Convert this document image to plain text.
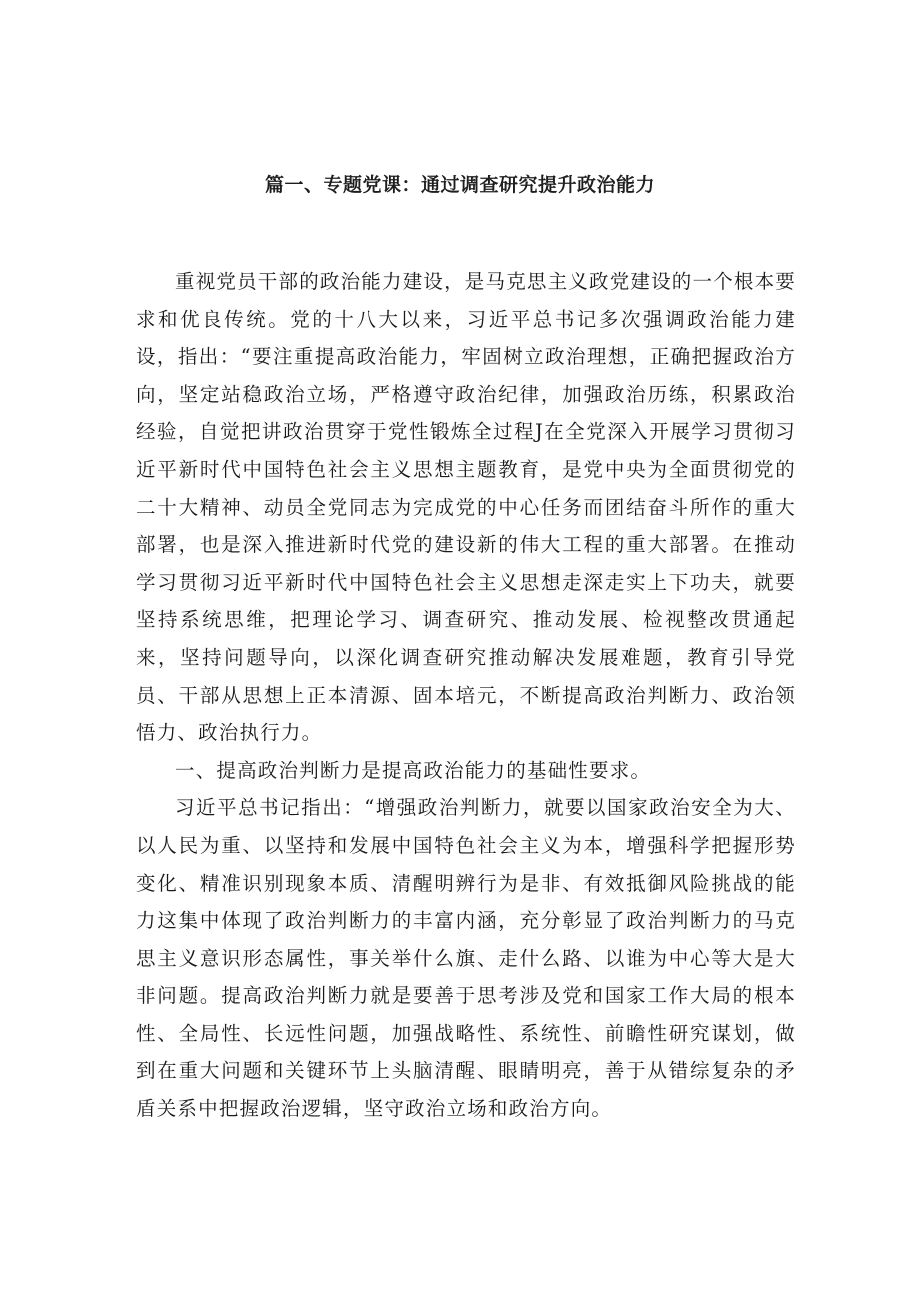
篇一、专题党课：通过调查研究提升政治能力

重视党员干部的政治能力建设，是马克思主义政党建设的一个根本要求和优良传统。党的十八大以来，习近平总书记多次强调政治能力建设，指出：“要注重提高政治能力，牢固树立政治理想，正确把握政治方向，坚定站稳政治立场，严格遵守政治纪律，加强政治历练，积累政治经验，自觉把讲政治贯穿于党性锻炼全过程J在全党深入开展学习贯彻习近平新时代中国特色社会主义思想主题教育，是党中央为全面贯彻党的二十大精神、动员全党同志为完成党的中心任务而团结奋斗所作的重大部署，也是深入推进新时代党的建设新的伟大工程的重大部署。在推动学习贯彻习近平新时代中国特色社会主义思想走深走实上下功夫，就要坚持系统思维，把理论学习、调查研究、推动发展、检视整改贯通起来，坚持问题导向，以深化调查研究推动解决发展难题，教育引导党员、干部从思想上正本清源、固本培元，不断提高政治判断力、政治领悟力、政治执行力。

一、提高政治判断力是提高政治能力的基础性要求。

习近平总书记指出：“增强政治判断力，就要以国家政治安全为大、以人民为重、以坚持和发展中国特色社会主义为本，增强科学把握形势变化、精准识别现象本质、清醒明辨行为是非、有效抵御风险挑战的能力这集中体现了政治判断力的丰富内涵，充分彰显了政治判断力的马克思主义意识形态属性，事关举什么旗、走什么路、以谁为中心等大是大非问题。提高政治判断力就是要善于思考涉及党和国家工作大局的根本性、全局性、长远性问题，加强战略性、系统性、前瞻性研究谋划，做到在重大问题和关键环节上头脑清醒、眼睛明亮，善于从错综复杂的矛盾关系中把握政治逻辑，坚守政治立场和政治方向。
